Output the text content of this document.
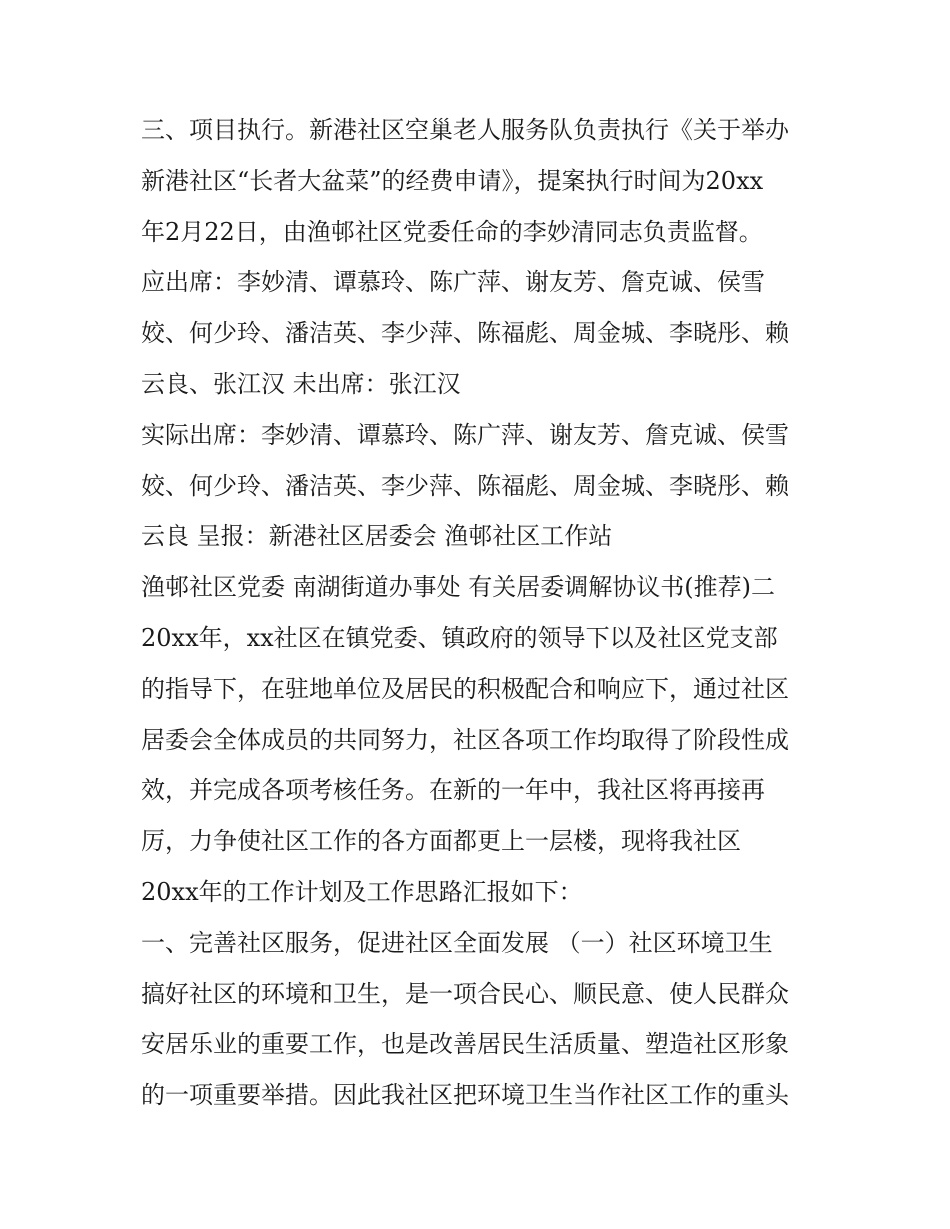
三、项目执行。新港社区空巢老人服务队负责执行《关于举办
新港社区“长者大盆菜”的经费申请》，提案执行时间为20xx
年2月22日，由渔邨社区党委任命的李妙清同志负责监督。
应出席：李妙清、谭慕玲、陈广萍、谢友芳、詹克诚、侯雪
姣、何少玲、潘洁英、李少萍、陈福彪、周金城、李晓彤、赖
云良、张江汉 未出席：张江汉
实际出席：李妙清、谭慕玲、陈广萍、谢友芳、詹克诚、侯雪
姣、何少玲、潘洁英、李少萍、陈福彪、周金城、李晓彤、赖
云良 呈报：新港社区居委会 渔邨社区工作站
渔邨社区党委 南湖街道办事处 有关居委调解协议书(推荐)二
20xx年，xx社区在镇党委、镇政府的领导下以及社区党支部
的指导下，在驻地单位及居民的积极配合和响应下，通过社区
居委会全体成员的共同努力，社区各项工作均取得了阶段性成
效，并完成各项考核任务。在新的一年中，我社区将再接再
厉，力争使社区工作的各方面都更上一层楼，现将我社区
20xx年的工作计划及工作思路汇报如下：
一、完善社区服务，促进社区全面发展 （一）社区环境卫生
搞好社区的环境和卫生，是一项合民心、顺民意、使人民群众
安居乐业的重要工作，也是改善居民生活质量、塑造社区形象
的一项重要举措。因此我社区把环境卫生当作社区工作的重头
